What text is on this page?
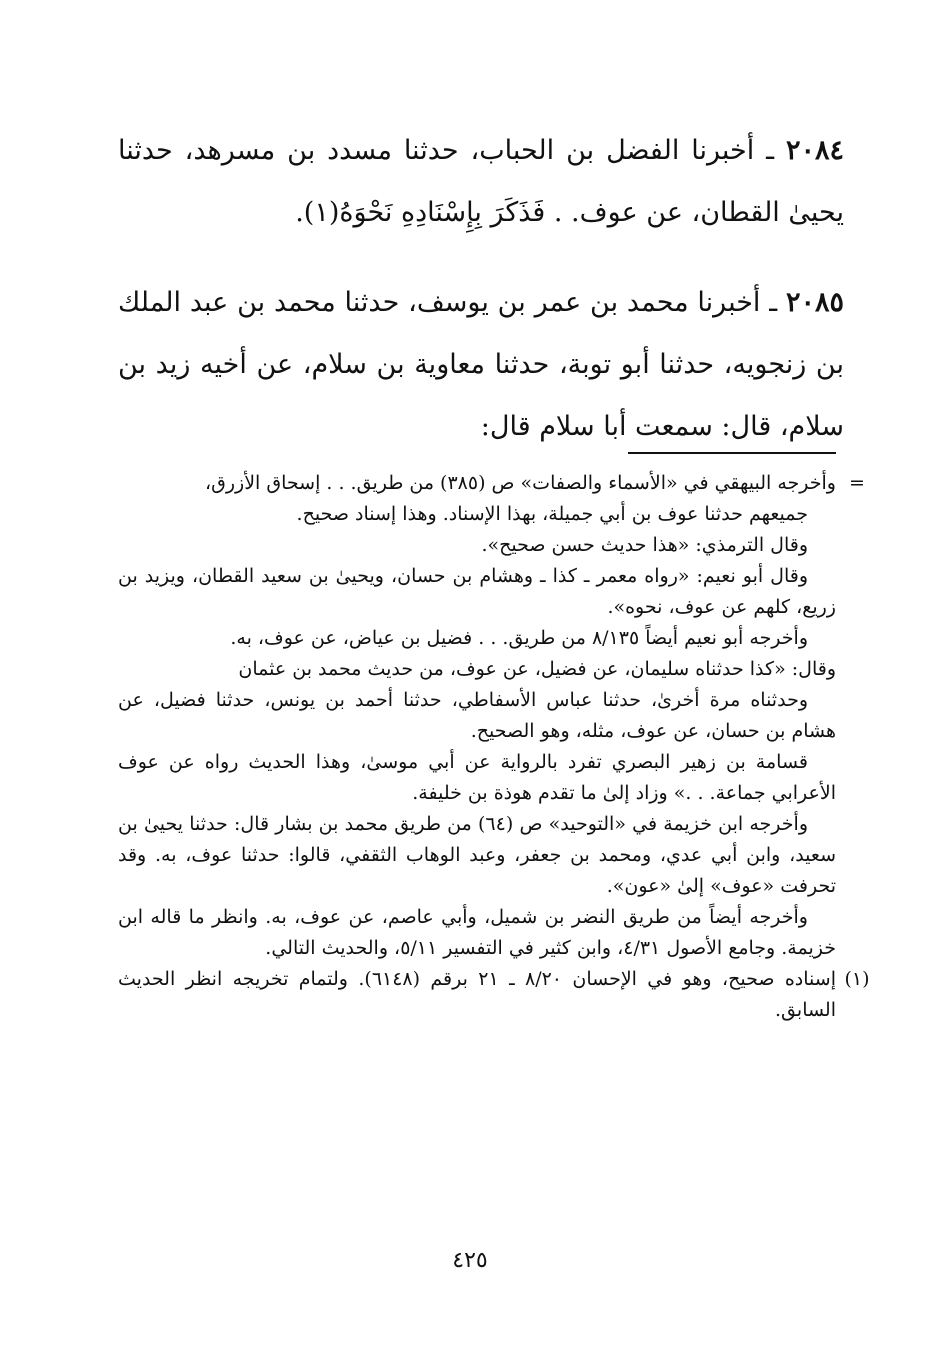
٢٠٨٤ ـ أخبرنا الفضل بن الحباب، حدثنا مسدد بن مسرهد، حدثنا يحيىٰ القطان، عن عوف. . فَذَكَرَ بِإِسْنَادِهِ نَحْوَهُ(١).

٢٠٨٥ ـ أخبرنا محمد بن عمر بن يوسف، حدثنا محمد بن عبد الملك بن زنجويه، حدثنا أبو توبة، حدثنا معاوية بن سلام، عن أخيه زيد بن سلام، قال: سمعت أبا سلام قال:

=
وأخرجه البيهقي في «الأسماء والصفات» ص (٣٨٥) من طريق. . . إسحاق الأزرق،

جميعهم حدثنا عوف بن أبي جميلة، بهذا الإسناد. وهذا إسناد صحيح.

وقال الترمذي: «هذا حديث حسن صحيح».

وقال أبو نعيم: «رواه معمر ـ كذا ـ وهشام بن حسان، ويحيىٰ بن سعيد القطان، ويزيد بن زريع، كلهم عن عوف، نحوه».

وأخرجه أبو نعيم أيضاً ٨/١٣٥ من طريق. . . فضيل بن عياض، عن عوف، به.

وقال: «كذا حدثناه سليمان، عن فضيل، عن عوف، من حديث محمد بن عثمان

وحدثناه مرة أخرىٰ، حدثنا عباس الأسفاطي، حدثنا أحمد بن يونس، حدثنا فضيل، عن هشام بن حسان، عن عوف، مثله، وهو الصحيح.

قسامة بن زهير البصري تفرد بالرواية عن أبي موسىٰ، وهذا الحديث رواه عن عوف الأعرابي جماعة. . .» وزاد إلىٰ ما تقدم هوذة بن خليفة.

وأخرجه ابن خزيمة في «التوحيد» ص (٦٤) من طريق محمد بن بشار قال: حدثنا يحيىٰ بن سعيد، وابن أبي عدي، ومحمد بن جعفر، وعبد الوهاب الثقفي، قالوا: حدثنا عوف، به. وقد تحرفت «عوف» إلىٰ «عون».

وأخرجه أيضاً من طريق النضر بن شميل، وأبي عاصم، عن عوف، به. وانظر ما قاله ابن خزيمة. وجامع الأصول ٤/٣١، وابن كثير في التفسير ٥/١١، والحديث التالي.

(١)
إسناده صحيح، وهو في الإحسان ٨/٢٠ ـ ٢١ برقم (٦١٤٨). ولتمام تخريجه انظر الحديث السابق.

٤٢٥
